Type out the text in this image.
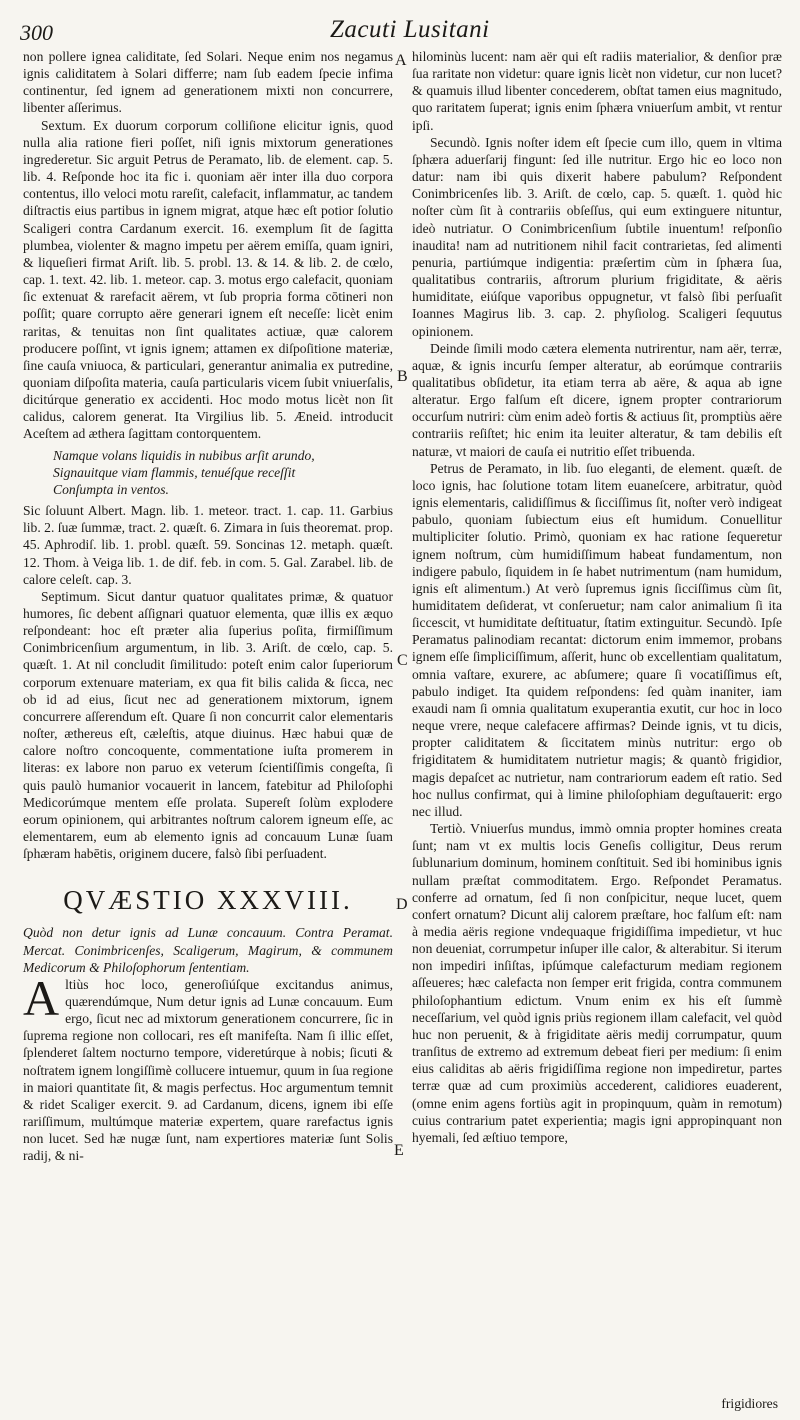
300	Zacuti Lusitani
A
B
C
D
E

non pollere ignea caliditate, ſed Solari. Neque enim nos negamus ignis caliditatem à Solari differre; nam ſub eadem ſpecie infima continentur, ſed ignem ad generationem mixti non concurrere, libenter aſſerimus.

Sextum. Ex duorum corporum colliſione elicitur ignis, quod nulla alia ratione fieri poſſet, niſi ignis mixtorum generationes ingrederetur. Sic arguit Petrus de Peramato, lib. de element. cap. 5. lib. 4. Reſponde hoc ita fic i. quoniam aër inter illa duo corpora contentus, illo veloci motu rareſit, calefacit, inflammatur, ac tandem diſtractis eius partibus in ignem migrat, atque hæc eſt potior ſolutio Scaligeri contra Cardanum exercit. 16. exemplum ſit de ſagitta plumbea, violenter & magno impetu per aërem emiſſa, quam igniri, & liqueſieri firmat Ariſt. lib. 5. probl. 13. & 14. & lib. 2. de cœlo, cap. 1. text. 42. lib. 1. meteor. cap. 3. motus ergo calefacit, quoniam ſic extenuat & rarefacit aërem, vt ſub propria forma cōtineri non poſſit; quare corrupto aëre generari ignem eſt neceſſe: licèt enim raritas, & tenuitas non ſint qualitates actiuæ, quæ calorem producere poſſint, vt ignis ignem; attamen ex diſpoſitione materiæ, ſine cauſa vniuoca, & particulari, generantur animalia ex putredine, quoniam diſpoſita materia, cauſa particularis vicem ſubit vniuerſalis, dicitúrque generatio ex accidenti. Hoc modo motus licèt non ſit calidus, calorem generat. Ita Virgilius lib. 5. Æneid. introducit Aceſtem ad æthera ſagittam contorquentem.

Namque volans liquidis in nubibus arſit arundo,
Signauitque viam flammis, tenuéſque receſſit
Conſumpta in ventos.

Sic ſoluunt Albert. Magn. lib. 1. meteor. tract. 1. cap. 11. Garbius lib. 2. ſuæ ſummæ, tract. 2. quæſt. 6. Zimara in ſuis theoremat. prop. 45. Aphrodiſ. lib. 1. probl. quæſt. 59. Soncinas 12. metaph. quæſt. 12. Thom. à Veiga lib. 1. de dif. feb. in com. 5. Gal. Zarabel. lib. de calore celeſt. cap. 3.

Septimum. Sicut dantur quatuor qualitates primæ, & quatuor humores, ſic debent aſſignari quatuor elementa, quæ illis ex æquo reſpondeant: hoc eſt præter alia ſuperius poſita, firmiſſimum Conimbricenſium argumentum, in lib. 3. Ariſt. de cœlo, cap. 5. quæſt. 1. At nil concludit ſimilitudo: poteſt enim calor ſuperiorum corporum extenuare materiam, ex qua fit bilis calida & ſicca, nec ob id ad eius, ſicut nec ad generationem mixtorum, ignem concurrere aſſerendum eſt. Quare ſi non concurrit calor elementaris noſter, æthereus eſt, cæleſtis, atque diuinus. Hæc habui quæ de calore noſtro concoquente, commentatione iuſta promerem in literas: ex labore non paruo ex veterum ſcientiſſimis congeſta, ſi quis paulò humanior vocauerit in lancem, fatebitur ad Philoſophi Medicorúmque mentem eſſe prolata. Supereſt ſolùm explodere eorum opinionem, qui arbitrantes noſtrum calorem igneum eſſe, ac elementarem, eum ab elemento ignis ad concauum Lunæ ſuam ſphæram habētis, originem ducere, falsò ſibi perſuadent.

QVÆSTIO XXXVIII.

Quòd non detur ignis ad Lunæ concauum. Contra Peramat. Mercat. Conimbricenſes, Scaligerum, Magirum, & communem Medicorum & Philoſophorum ſententiam.

Altiùs hoc loco, generoſiúſque excitandus animus, quærendúmque, Num detur ignis ad Lunæ concauum. Eum ergo, ſicut nec ad mixtorum generationem concurrere, ſic in ſuprema regione non collocari, res eſt manifeſta. Nam ſi illic eſſet, ſplenderet ſaltem nocturno tempore, videretúrque à nobis; ſicuti & noſtratem ignem longiſſimè collucere intuemur, quum in ſua regione in maiori quantitate ſit, & magis perfectus. Hoc argumentum temnit & ridet Scaliger exercit. 9. ad Cardanum, dicens, ignem ibi eſſe rariſſimum, multúmque materiæ expertem, quare rarefactus ignis non lucet. Sed hæ nugæ ſunt, nam expertiores materiæ ſunt Solis radij, & ni-

hilominùs lucent: nam aër qui eſt radiis materialior, & denſior præ ſua raritate non videtur: quare ignis licèt non videtur, cur non lucet? & quamuis illud libenter concederem, obſtat tamen eius magnitudo, quo raritatem ſuperat; ignis enim ſphæra vniuerſum ambit, vt rentur ipſi.

Secundò. Ignis noſter idem eſt ſpecie cum illo, quem in vltima ſphæra aduerſarij fingunt: ſed ille nutritur. Ergo hic eo loco non datur: nam ibi quis dixerit habere pabulum? Reſpondent Conimbricenſes lib. 3. Ariſt. de cœlo, cap. 5. quæſt. 1. quòd hic noſter cùm ſit à contrariis obſeſſus, qui eum extinguere nituntur, ideò nutriatur. O Conimbricenſium ſubtile inuentum! reſponſio inaudita! nam ad nutritionem nihil facit contrarietas, ſed alimenti penuria, partiúmque indigentia: præſertim cùm in ſphæra ſua, qualitatibus contrariis, aſtrorum plurium frigiditate, & aëris humiditate, eiúſque vaporibus oppugnetur, vt falsò ſibi perſuaſit Ioannes Magirus lib. 3. cap. 2. phyſiolog. Scaligeri ſequutus opinionem.

Deinde ſimili modo cætera elementa nutrirentur, nam aër, terræ, aquæ, & ignis incurſu ſemper alteratur, ab eorúmque contrariis qualitatibus obſidetur, ita etiam terra ab aëre, & aqua ab igne alteratur. Ergo falſum eſt dicere, ignem propter contrariorum occurſum nutriri: cùm enim adeò fortis & actiuus ſit, promptiùs aëre contrariis reſiſtet; hic enim ita leuiter alteratur, & tam debilis eſt naturæ, vt maiori de cauſa ei nutritio eſſet tribuenda.

Petrus de Peramato, in lib. ſuo eleganti, de element. quæſt. de loco ignis, hac ſolutione totam litem euaneſcere, arbitratur, quòd ignis elementaris, calidiſſimus & ſicciſſimus ſit, noſter verò indigeat pabulo, quoniam ſubiectum eius eſt humidum. Conuellitur multipliciter ſolutio. Primò, quoniam ex hac ratione ſequeretur ignem noſtrum, cùm humidiſſimum habeat fundamentum, non indigere pabulo, ſiquidem in ſe habet nutrimentum (nam humidum, ignis eſt alimentum.) At verò ſupremus ignis ſicciſſimus cùm ſit, humiditatem deſiderat, vt conſeruetur; nam calor animalium ſi ita ſiccescit, vt humiditate deſtituatur, ſtatim extinguitur. Secundò. Ipſe Peramatus palinodiam recantat: dictorum enim immemor, probans ignem eſſe ſimpliciſſimum, aſſerit, hunc ob excellentiam qualitatum, omnia vaſtare, exurere, ac abſumere; quare ſi vocatiſſimus eſt, pabulo indiget. Ita quidem reſpondens: ſed quàm inaniter, iam exaudi nam ſi omnia qualitatum exuperantia exutit, cur hoc in loco neque vrere, neque calefacere affirmas? Deinde ignis, vt tu dicis, propter caliditatem & ſiccitatem minùs nutritur: ergo ob frigiditatem & humiditatem nutrietur magis; & quantò frigidior, magis depaſcet ac nutrietur, nam contrariorum eadem eſt ratio. Sed hoc nullus confirmat, qui à limine philoſophiam deguſtauerit: ergo nec illud.

Tertiò. Vniuerſus mundus, immò omnia propter homines creata ſunt; nam vt ex multis locis Geneſis colligitur, Deus rerum ſublunarium dominum, hominem conſtituit. Sed ibi hominibus ignis nullam præſtat commoditatem. Ergo. Reſpondet Peramatus. conferre ad ornatum, ſed ſi non conſpicitur, neque lucet, quem confert ornatum? Dicunt alij calorem præſtare, hoc falſum eſt: nam à media aëris regione vndequaque frigidiſſima impedietur, vt huc non deueniat, corrumpetur inſuper ille calor, & alterabitur. Si iterum non impediri inſiſtas, ipſúmque calefacturum mediam regionem aſſeueres; hæc calefacta non ſemper erit frigida, contra communem philoſophantium edictum. Vnum enim ex his eſt ſummè neceſſarium, vel quòd ignis priùs regionem illam calefacit, vel quòd huc non peruenit, & à frigiditate aëris medij corrumpatur, quum tranſitus de extremo ad extremum debeat fieri per medium: ſi enim eius caliditas ab aëris frigidiſſima regione non impediretur, partes terræ quæ ad cum proximiùs accederent, calidiores euaderent, (omne enim agens fortiùs agit in propinquum, quàm in remotum) cuius contrarium patet experientia; magis igni appropinquant non hyemali, ſed æſtiuo tempore,

frigidiores
